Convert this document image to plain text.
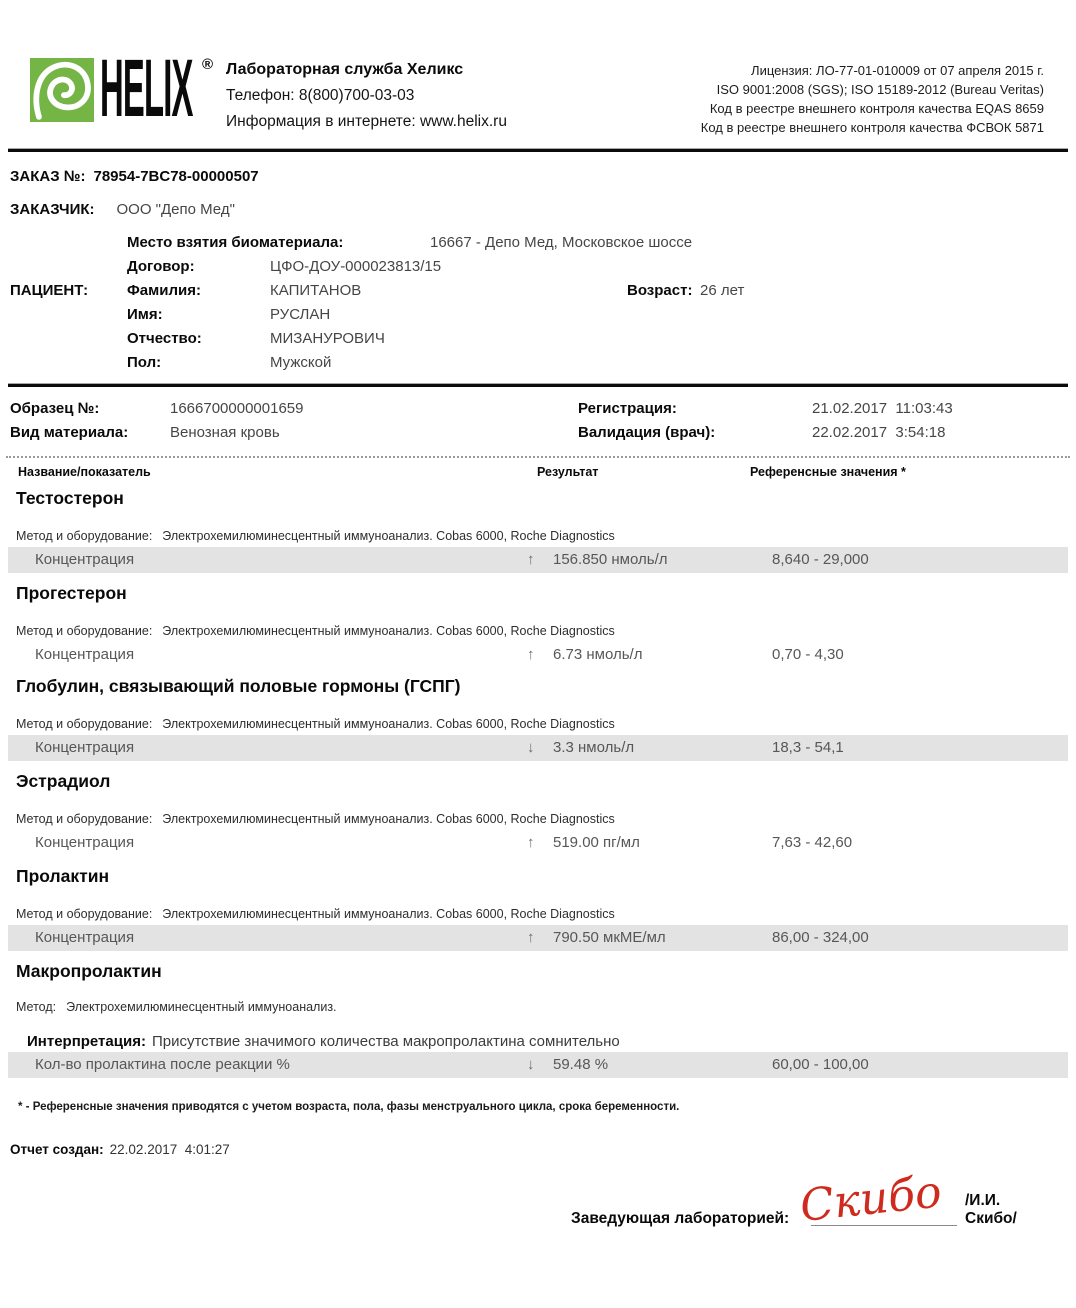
HELIX ® Лабораторная служба Хеликс
Телефон: 8(800)700-03-03
Информация в интернете: www.helix.ru
Лицензия: ЛО-77-01-010009 от 07 апреля 2015 г.
ISO 9001:2008 (SGS); ISO 15189-2012 (Bureau Veritas)
Код в реестре внешнего контроля качества EQAS 8659
Код в реестре внешнего контроля качества ФСВОК 5871
ЗАКАЗ №: 78954-7BC78-00000507
ЗАКАЗЧИК: ООО "Депо Мед"
Место взятия биоматериала:	16667 - Депо Мед, Московское шоссе
Договор:	ЦФО-ДОУ-000023813/15
ПАЦИЕНТ:	Фамилия:	КАПИТАНОВ	Возраст: 26 лет
Имя:	РУСЛАН
Отчество:	МИЗАНУРОВИЧ
Пол:	Мужской
Образец №:	1666700000001659	Регистрация:	21.02.2017  11:03:43
Вид материала:	Венозная кровь	Валидация (врач):	22.02.2017  3:54:18
Название/показатель	Результат	Референсные значения *
Тестостерон
Метод и оборудование: Электрохемилюминесцентный иммуноанализ. Cobas 6000, Roche Diagnostics
Концентрация	↑ 156.850 нмоль/л	8,640 - 29,000
Прогестерон
Метод и оборудование: Электрохемилюминесцентный иммуноанализ. Cobas 6000, Roche Diagnostics
Концентрация	↑ 6.73 нмоль/л	0,70 - 4,30
Глобулин, связывающий половые гормоны (ГСПГ)
Метод и оборудование: Электрохемилюминесцентный иммуноанализ. Cobas 6000, Roche Diagnostics
Концентрация	↓ 3.3 нмоль/л	18,3 - 54,1
Эстрадиол
Метод и оборудование: Электрохемилюминесцентный иммуноанализ. Cobas 6000, Roche Diagnostics
Концентрация	↑ 519.00 пг/мл	7,63 - 42,60
Пролактин
Метод и оборудование: Электрохемилюминесцентный иммуноанализ. Cobas 6000, Roche Diagnostics
Концентрация	↑ 790.50 мкМЕ/мл	86,00 - 324,00
Макропролактин
Метод: Электрохемилюминесцентный иммуноанализ.
Интерпретация: Присутствие значимого количества макропролактина сомнительно
Кол-во пролактина после реакции %	↓ 59.48 %	60,00 - 100,00
* - Референсные значения приводятся с учетом возраста, пола, фазы менструального цикла, срока беременности.
Отчет создан: 22.02.2017  4:01:27
Заведующая лабораторией: Скибо /И.И. Скибо/
